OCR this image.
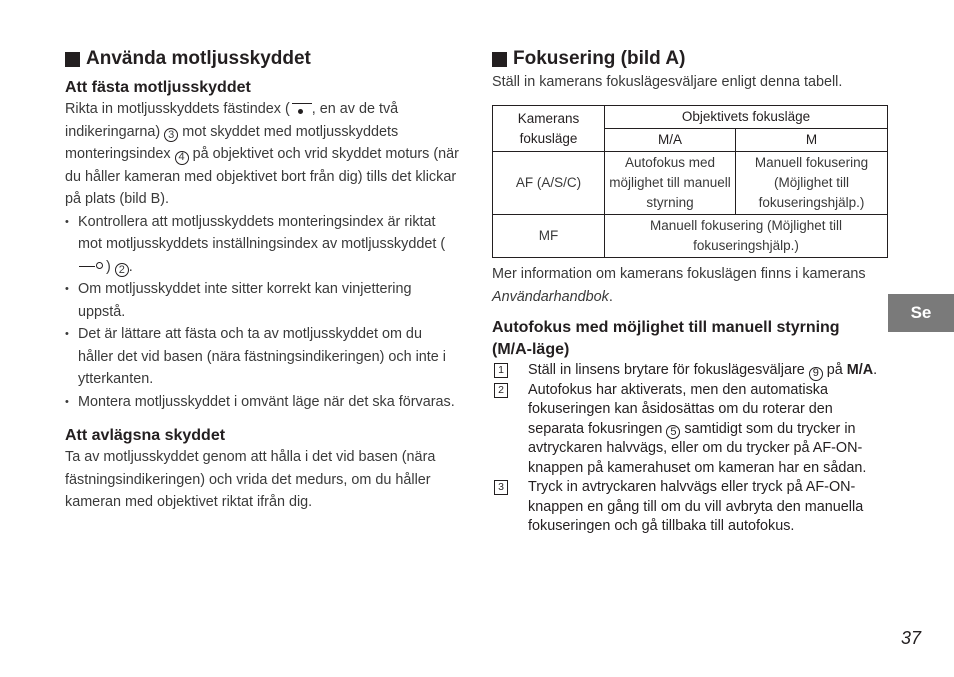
Använda motljusskyddet
Att fästa motljusskyddet

Rikta in motljusskyddets fästindex ( , en av de två indikeringarna) 3 mot skyddet med motljusskyddets monteringsindex 4 på objektivet och vrid skyddet moturs (när du håller kameran med objektivet bort från dig) tills det klickar på plats (bild B).

• Kontrollera att motljusskyddets monteringsindex är riktat mot motljusskyddets inställningsindex av motljusskyddet () 2 .
• Om motljusskyddet inte sitter korrekt kan vinjettering uppstå.
• Det är lättare att fästa och ta av motljusskyddet om du håller det vid basen (nära fästningsindikeringen) och inte i ytterkanten.
• Montera motljusskyddet i omvänt läge när det ska förvaras.
Att avlägsna skyddet

Ta av motljusskyddet genom att hålla i det vid basen (nära fästningsindikeringen) och vrida det medurs, om du håller kameran med objektivet riktat ifrån dig.

Fokusering (bild A)

Ställ in kamerans fokuslägesväljare enligt denna tabell.

Kamerans fokusläge	Objektivets fokusläge	
	M/A	M
AF (A/S/C)	Autofokus med möjlighet till manuell styrning	Manuell fokusering (Möjlighet till fokuseringshjälp.)
MF	Manuell fokusering (Möjlighet till fokuseringshjälp.)	

Mer information om kamerans fokuslägen finns i kamerans Användarhandbok.

Autofokus med möjlighet till manuell styrning (M/A-läge)
1 Ställ in linsens brytare för fokuslägesväljare 9 på M/A.
2 Autofokus har aktiverats, men den automatiska fokuseringen kan åsidosättas om du roterar den separata fokusringen 5 samtidigt som du trycker in avtryckaren halvvägs, eller om du trycker på AF-ON-knappen på kamerahuset om kameran har en sådan.
3 Tryck in avtryckaren halvvägs eller tryck på AF-ON-knappen en gång till om du vill avbryta den manuella fokuseringen och gå tillbaka till autofokus.
Se
37
